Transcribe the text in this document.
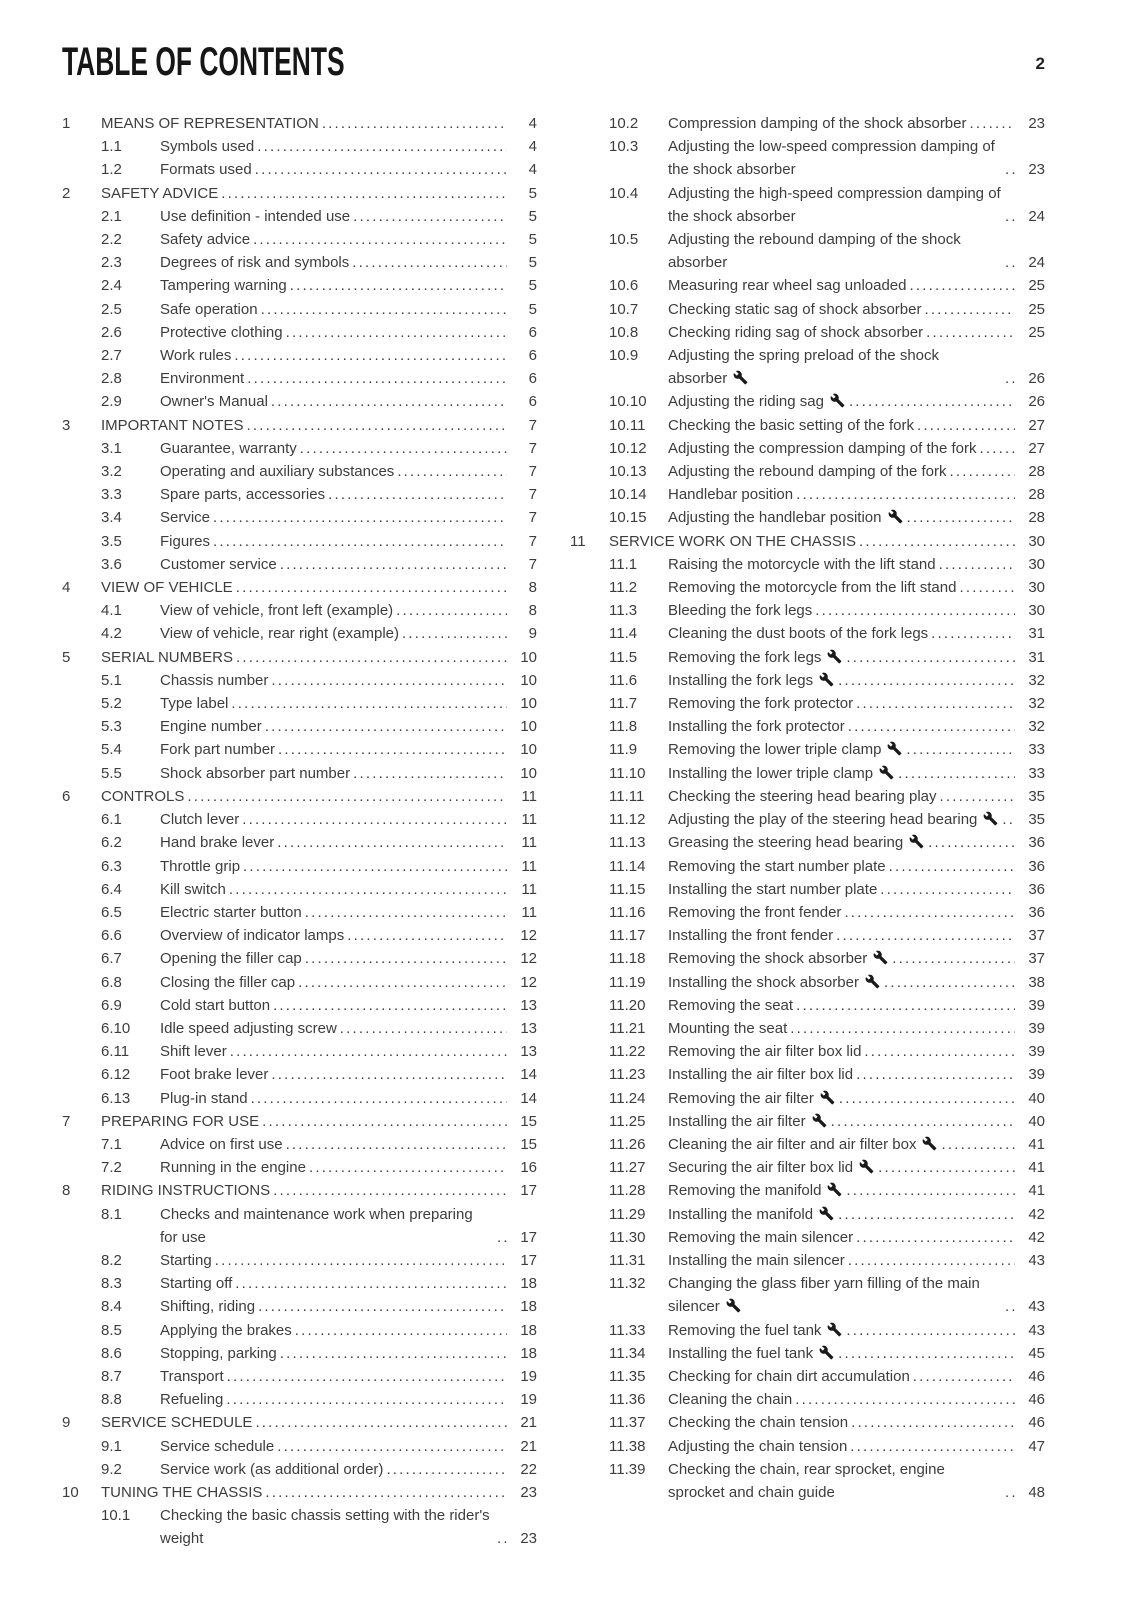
TABLE OF CONTENTS	2
1	MEANS OF REPRESENTATION .....	4
1.1	Symbols used .....	4
1.2	Formats used .....	4
2	SAFETY ADVICE .....	5
2.1	Use definition - intended use .....	5
2.2	Safety advice .....	5
2.3	Degrees of risk and symbols .....	5
2.4	Tampering warning .....	5
2.5	Safe operation .....	5
2.6	Protective clothing .....	6
2.7	Work rules .....	6
2.8	Environment .....	6
2.9	Owner's Manual .....	6
3	IMPORTANT NOTES .....	7
3.1	Guarantee, warranty .....	7
3.2	Operating and auxiliary substances .....	7
3.3	Spare parts, accessories .....	7
3.4	Service .....	7
3.5	Figures .....	7
3.6	Customer service .....	7
4	VIEW OF VEHICLE .....	8
4.1	View of vehicle, front left (example) .....	8
4.2	View of vehicle, rear right (example) .....	9
5	SERIAL NUMBERS .....	10
5.1	Chassis number .....	10
5.2	Type label .....	10
5.3	Engine number .....	10
5.4	Fork part number .....	10
5.5	Shock absorber part number .....	10
6	CONTROLS .....	11
6.1	Clutch lever .....	11
6.2	Hand brake lever .....	11
6.3	Throttle grip .....	11
6.4	Kill switch .....	11
6.5	Electric starter button .....	11
6.6	Overview of indicator lamps .....	12
6.7	Opening the filler cap .....	12
6.8	Closing the filler cap .....	12
6.9	Cold start button .....	13
6.10	Idle speed adjusting screw .....	13
6.11	Shift lever .....	13
6.12	Foot brake lever .....	14
6.13	Plug-in stand .....	14
7	PREPARING FOR USE .....	15
7.1	Advice on first use .....	15
7.2	Running in the engine .....	16
8	RIDING INSTRUCTIONS .....	17
8.1	Checks and maintenance work when preparing for use .....	17
8.2	Starting .....	17
8.3	Starting off .....	18
8.4	Shifting, riding .....	18
8.5	Applying the brakes .....	18
8.6	Stopping, parking .....	18
8.7	Transport .....	19
8.8	Refueling .....	19
9	SERVICE SCHEDULE .....	21
9.1	Service schedule .....	21
9.2	Service work (as additional order) .....	22
10	TUNING THE CHASSIS .....	23
10.1	Checking the basic chassis setting with the rider's weight .....	23
10.2	Compression damping of the shock absorber .....	23
10.3	Adjusting the low-speed compression damping of the shock absorber .....	23
10.4	Adjusting the high-speed compression damping of the shock absorber .....	24
10.5	Adjusting the rebound damping of the shock absorber .....	24
10.6	Measuring rear wheel sag unloaded .....	25
10.7	Checking static sag of shock absorber .....	25
10.8	Checking riding sag of shock absorber .....	25
10.9	Adjusting the spring preload of the shock absorber .....	26
10.10	Adjusting the riding sag .....	26
10.11	Checking the basic setting of the fork .....	27
10.12	Adjusting the compression damping of the fork .....	27
10.13	Adjusting the rebound damping of the fork .....	28
10.14	Handlebar position .....	28
10.15	Adjusting the handlebar position .....	28
11	SERVICE WORK ON THE CHASSIS .....	30
11.1	Raising the motorcycle with the lift stand .....	30
11.2	Removing the motorcycle from the lift stand .....	30
11.3	Bleeding the fork legs .....	30
11.4	Cleaning the dust boots of the fork legs .....	31
11.5	Removing the fork legs .....	31
11.6	Installing the fork legs .....	32
11.7	Removing the fork protector .....	32
11.8	Installing the fork protector .....	32
11.9	Removing the lower triple clamp .....	33
11.10	Installing the lower triple clamp .....	33
11.11	Checking the steering head bearing play .....	35
11.12	Adjusting the play of the steering head bearing .....	35
11.13	Greasing the steering head bearing .....	36
11.14	Removing the start number plate .....	36
11.15	Installing the start number plate .....	36
11.16	Removing the front fender .....	36
11.17	Installing the front fender .....	37
11.18	Removing the shock absorber .....	37
11.19	Installing the shock absorber .....	38
11.20	Removing the seat .....	39
11.21	Mounting the seat .....	39
11.22	Removing the air filter box lid .....	39
11.23	Installing the air filter box lid .....	39
11.24	Removing the air filter .....	40
11.25	Installing the air filter .....	40
11.26	Cleaning the air filter and air filter box .....	41
11.27	Securing the air filter box lid .....	41
11.28	Removing the manifold .....	41
11.29	Installing the manifold .....	42
11.30	Removing the main silencer .....	42
11.31	Installing the main silencer .....	43
11.32	Changing the glass fiber yarn filling of the main silencer .....	43
11.33	Removing the fuel tank .....	43
11.34	Installing the fuel tank .....	45
11.35	Checking for chain dirt accumulation .....	46
11.36	Cleaning the chain .....	46
11.37	Checking the chain tension .....	46
11.38	Adjusting the chain tension .....	47
11.39	Checking the chain, rear sprocket, engine sprocket and chain guide .....	48
